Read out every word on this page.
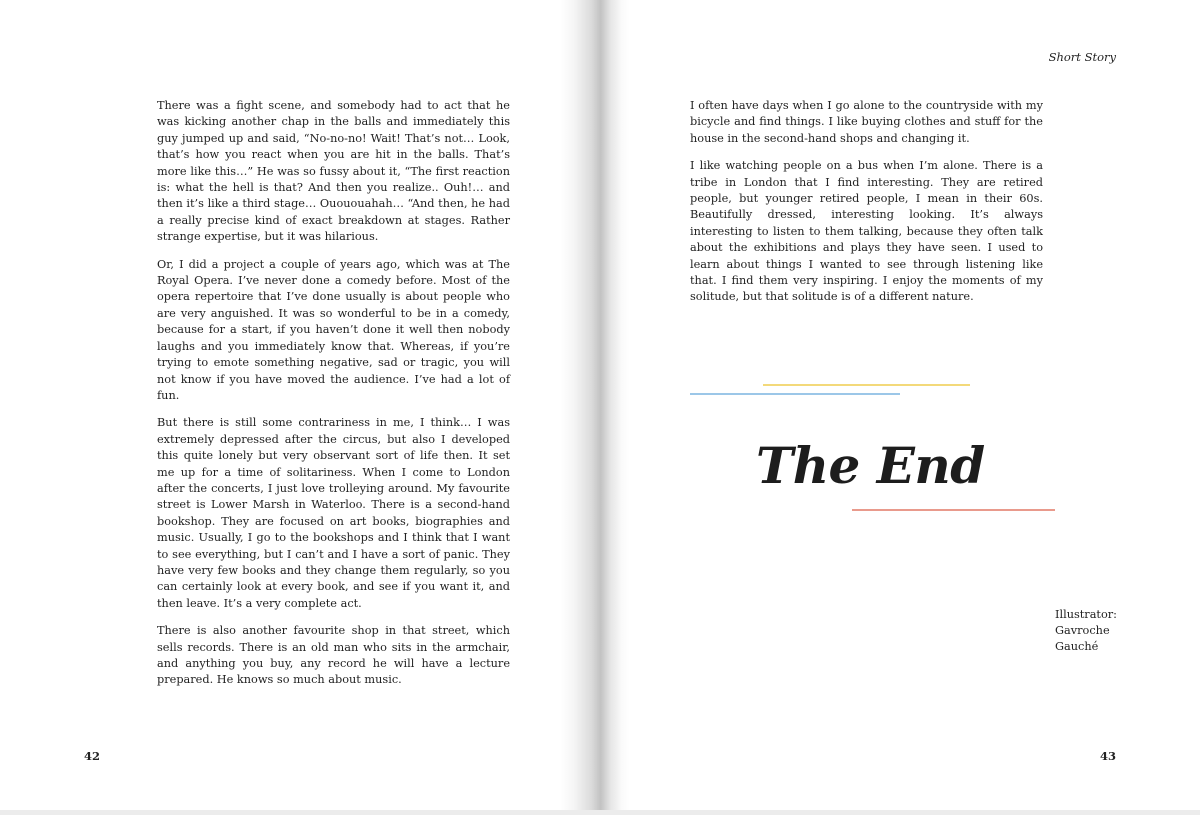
There was a fight scene, and somebody had to act that he was kicking another chap in the balls and immediately this guy jumped up and said, “No-no-no! Wait! That’s not… Look, that’s how you react when you are hit in the balls. That’s more like this…” He was so fussy about it, “The first reaction is: what the hell is that? And then you realize.. Ouh!… and then it’s like a third stage… Ouououahah… “And then, he had a really precise kind of exact breakdown at stages. Rather strange expertise, but it was hilarious.

Or, I did a project a couple of years ago, which was at The Royal Opera. I’ve never done a comedy before. Most of the opera repertoire that I’ve done usually is about people who are very anguished. It was so wonderful to be in a comedy, because for a start, if you haven’t done it well then nobody laughs and you immediately know that. Whereas, if you’re trying to emote something negative, sad or tragic, you will not know if you have moved the audience. I’ve had a lot of fun.

But there is still some contrariness in me, I think… I was extremely depressed after the circus, but also I developed this quite lonely but very observant sort of life then. It set me up for a time of solitariness. When I come to London after the concerts, I just love trolleying around. My favourite street is Lower Marsh in Waterloo. There is a second-hand bookshop. They are focused on art books, biographies and music. Usually, I go to the bookshops and I think that I want to see everything, but I can’t and I have a sort of panic. They have very few books and they change them regularly, so you can certainly look at every book, and see if you want it, and then leave. It’s a very complete act.

There is also another favourite shop in that street, which sells records. There is an old man who sits in the armchair, and anything you buy, any record he will have a lecture prepared. He knows so much about music.

42
Short Story

I often have days when I go alone to the countryside with my bicycle and find things. I like buying clothes and stuff for the house in the second-hand shops and changing it.

I like watching people on a bus when I’m alone. There is a tribe in London that I find interesting. They are retired people, but younger retired people, I mean in their 60s. Beautifully dressed, interesting looking. It’s always interesting to listen to them talking, because they often talk about the exhibitions and plays they have seen. I used to learn about things I wanted to see through listening like that. I find them very inspiring. I enjoy the moments of my solitude, but that solitude is of a different nature.

The End
Illustrator:
Gavroche
Gauché
43
